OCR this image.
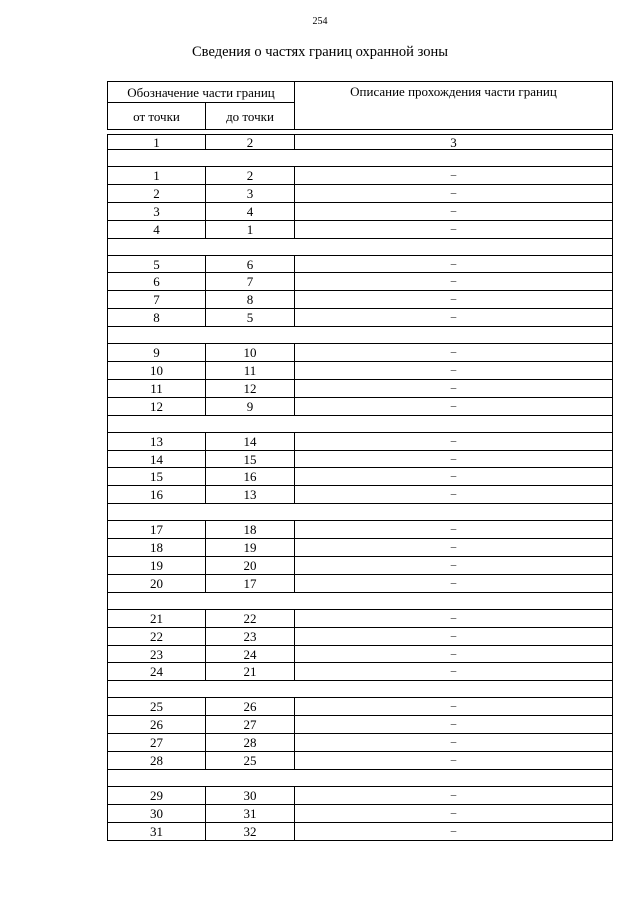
254
Сведения о частях границ охранной зоны
Обозначение части границ		Описание прохождения части границ
от точки	до точки	

1	2	3

1	2	–
2	3	–
3	4	–
4	1	–

5	6	–
6	7	–
7	8	–
8	5	–

9	10	–
10	11	–
11	12	–
12	9	–

13	14	–
14	15	–
15	16	–
16	13	–

17	18	–
18	19	–
19	20	–
20	17	–

21	22	–
22	23	–
23	24	–
24	21	–

25	26	–
26	27	–
27	28	–
28	25	–

29	30	–
30	31	–
31	32	–
